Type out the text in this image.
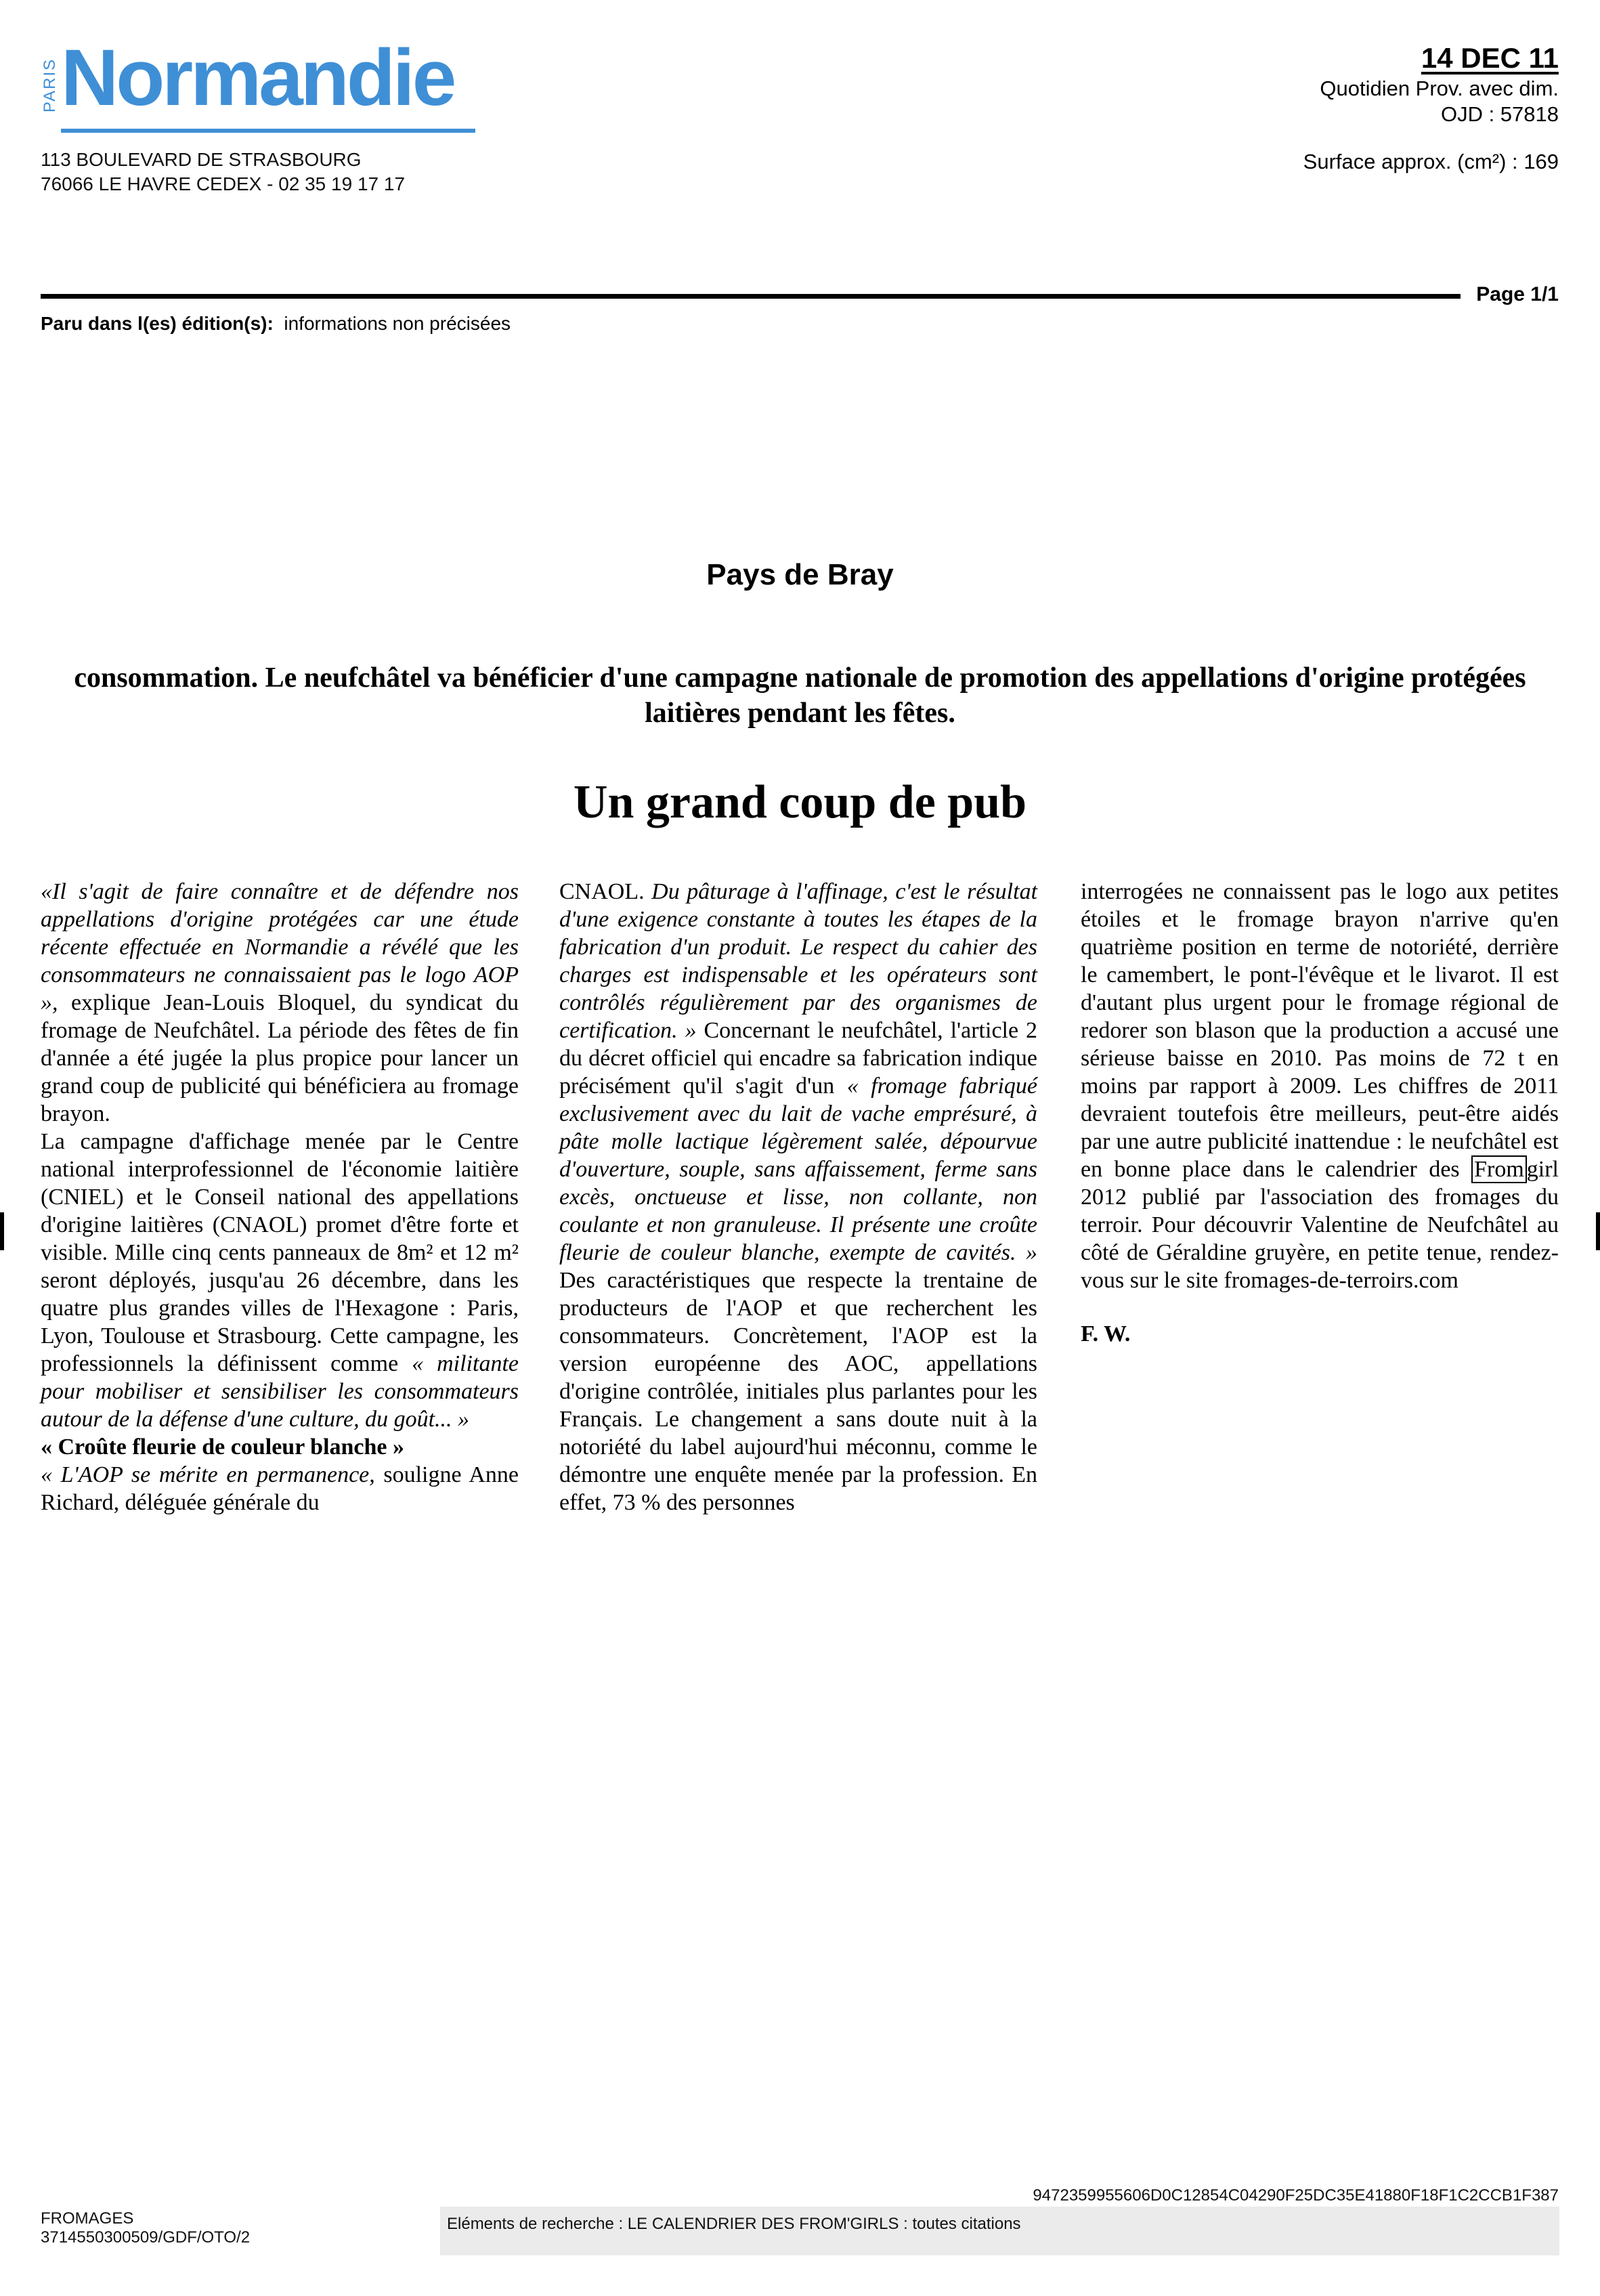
PARIS Normandie
113 BOULEVARD DE STRASBOURG
76066 LE HAVRE CEDEX - 02 35 19 17 17
14 DEC 11
Quotidien Prov. avec dim.
OJD : 57818
Surface approx. (cm²) : 169
Page 1/1
Paru dans l(es) édition(s): informations non précisées
Pays de Bray
consommation. Le neufchâtel va bénéficier d'une campagne nationale de promotion des appellations d'origine protégées laitières pendant les fêtes.
Un grand coup de pub

«Il s'agit de faire connaître et de défendre nos appellations d'origine protégées car une étude récente effectuée en Normandie a révélé que les consommateurs ne connaissaient pas le logo AOP », explique Jean-Louis Bloquel, du syndicat du fromage de Neufchâtel. La période des fêtes de fin d'année a été jugée la plus propice pour lancer un grand coup de publicité qui bénéficiera au fromage brayon.

La campagne d'affichage menée par le Centre national interprofessionnel de l'économie laitière (CNIEL) et le Conseil national des appellations d'origine laitières (CNAOL) promet d'être forte et visible. Mille cinq cents panneaux de 8m² et 12 m² seront déployés, jusqu'au 26 décembre, dans les quatre plus grandes villes de l'Hexagone : Paris, Lyon, Toulouse et Strasbourg. Cette campagne, les professionnels la définissent comme « militante pour mobiliser et sensibiliser les consommateurs autour de la défense d'une culture, du goût... »

« Croûte fleurie de couleur blanche »

« L'AOP se mérite en permanence, souligne Anne Richard, déléguée générale du

CNAOL. Du pâturage à l'affinage, c'est le résultat d'une exigence constante à toutes les étapes de la fabrication d'un produit. Le respect du cahier des charges est indispensable et les opérateurs sont contrôlés régulièrement par des organismes de certification. » Concernant le neufchâtel, l'article 2 du décret officiel qui encadre sa fabrication indique précisément qu'il s'agit d'un « fromage fabriqué exclusivement avec du lait de vache emprésuré, à pâte molle lactique légèrement salée, dépourvue d'ouverture, souple, sans affaissement, ferme sans excès, onctueuse et lisse, non collante, non coulante et non granuleuse. Il présente une croûte fleurie de couleur blanche, exempte de cavités. » Des caractéristiques que respecte la trentaine de producteurs de l'AOP et que recherchent les consommateurs. Concrètement, l'AOP est la version européenne des AOC, appellations d'origine contrôlée, initiales plus parlantes pour les Français. Le changement a sans doute nuit à la notoriété du label aujourd'hui méconnu, comme le démontre une enquête menée par la profession. En effet, 73 % des personnes

interrogées ne connaissent pas le logo aux petites étoiles et le fromage brayon n'arrive qu'en quatrième position en terme de notoriété, derrière le camembert, le pont-l'évêque et le livarot. Il est d'autant plus urgent pour le fromage régional de redorer son blason que la production a accusé une sérieuse baisse en 2010. Pas moins de 72 t en moins par rapport à 2009. Les chiffres de 2011 devraient toutefois être meilleurs, peut-être aidés par une autre publicité inattendue : le neufchâtel est en bonne place dans le calendrier des From girl 2012 publié par l'association des fromages du terroir. Pour découvrir Valentine de Neufchâtel au côté de Géraldine gruyère, en petite tenue, rendez-vous sur le site fromages-de-terroirs.com

F. W.

9472359955606D0C12854C04290F25DC35E41880F18F1C2CCB1F387
FROMAGES
3714550300509/GDF/OTO/2
Eléments de recherche : LE CALENDRIER DES FROM'GIRLS : toutes citations
